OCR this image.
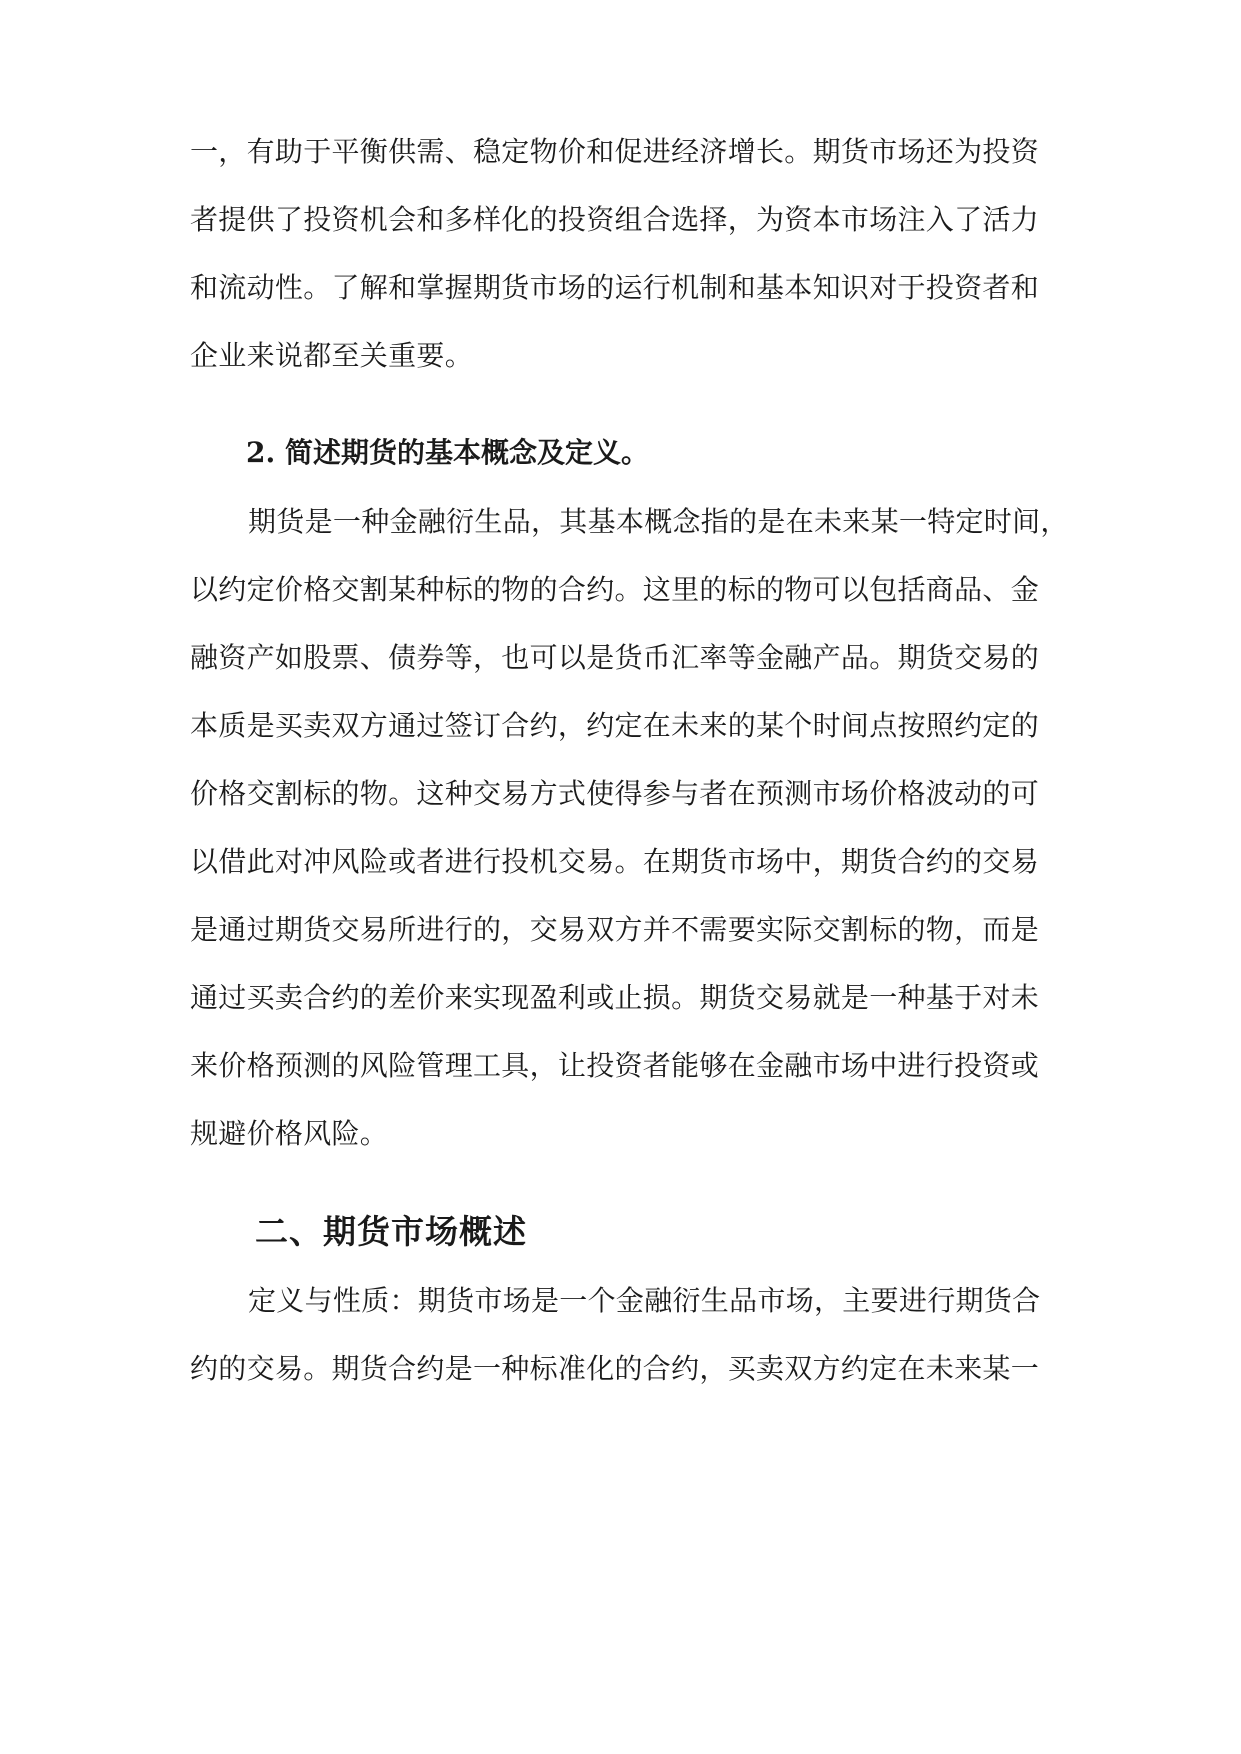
一，有助于平衡供需、稳定物价和促进经济增长。期货市场还为投资
者提供了投资机会和多样化的投资组合选择，为资本市场注入了活力
和流动性。了解和掌握期货市场的运行机制和基本知识对于投资者和
企业来说都至关重要。
2. 简述期货的基本概念及定义。
期货是一种金融衍生品，其基本概念指的是在未来某一特定时间，
以约定价格交割某种标的物的合约。这里的标的物可以包括商品、金
融资产如股票、债券等，也可以是货币汇率等金融产品。期货交易的
本质是买卖双方通过签订合约，约定在未来的某个时间点按照约定的
价格交割标的物。这种交易方式使得参与者在预测市场价格波动的可
以借此对冲风险或者进行投机交易。在期货市场中，期货合约的交易
是通过期货交易所进行的，交易双方并不需要实际交割标的物，而是
通过买卖合约的差价来实现盈利或止损。期货交易就是一种基于对未
来价格预测的风险管理工具，让投资者能够在金融市场中进行投资或
规避价格风险。
二、期货市场概述
定义与性质：期货市场是一个金融衍生品市场，主要进行期货合
约的交易。期货合约是一种标准化的合约，买卖双方约定在未来某一
